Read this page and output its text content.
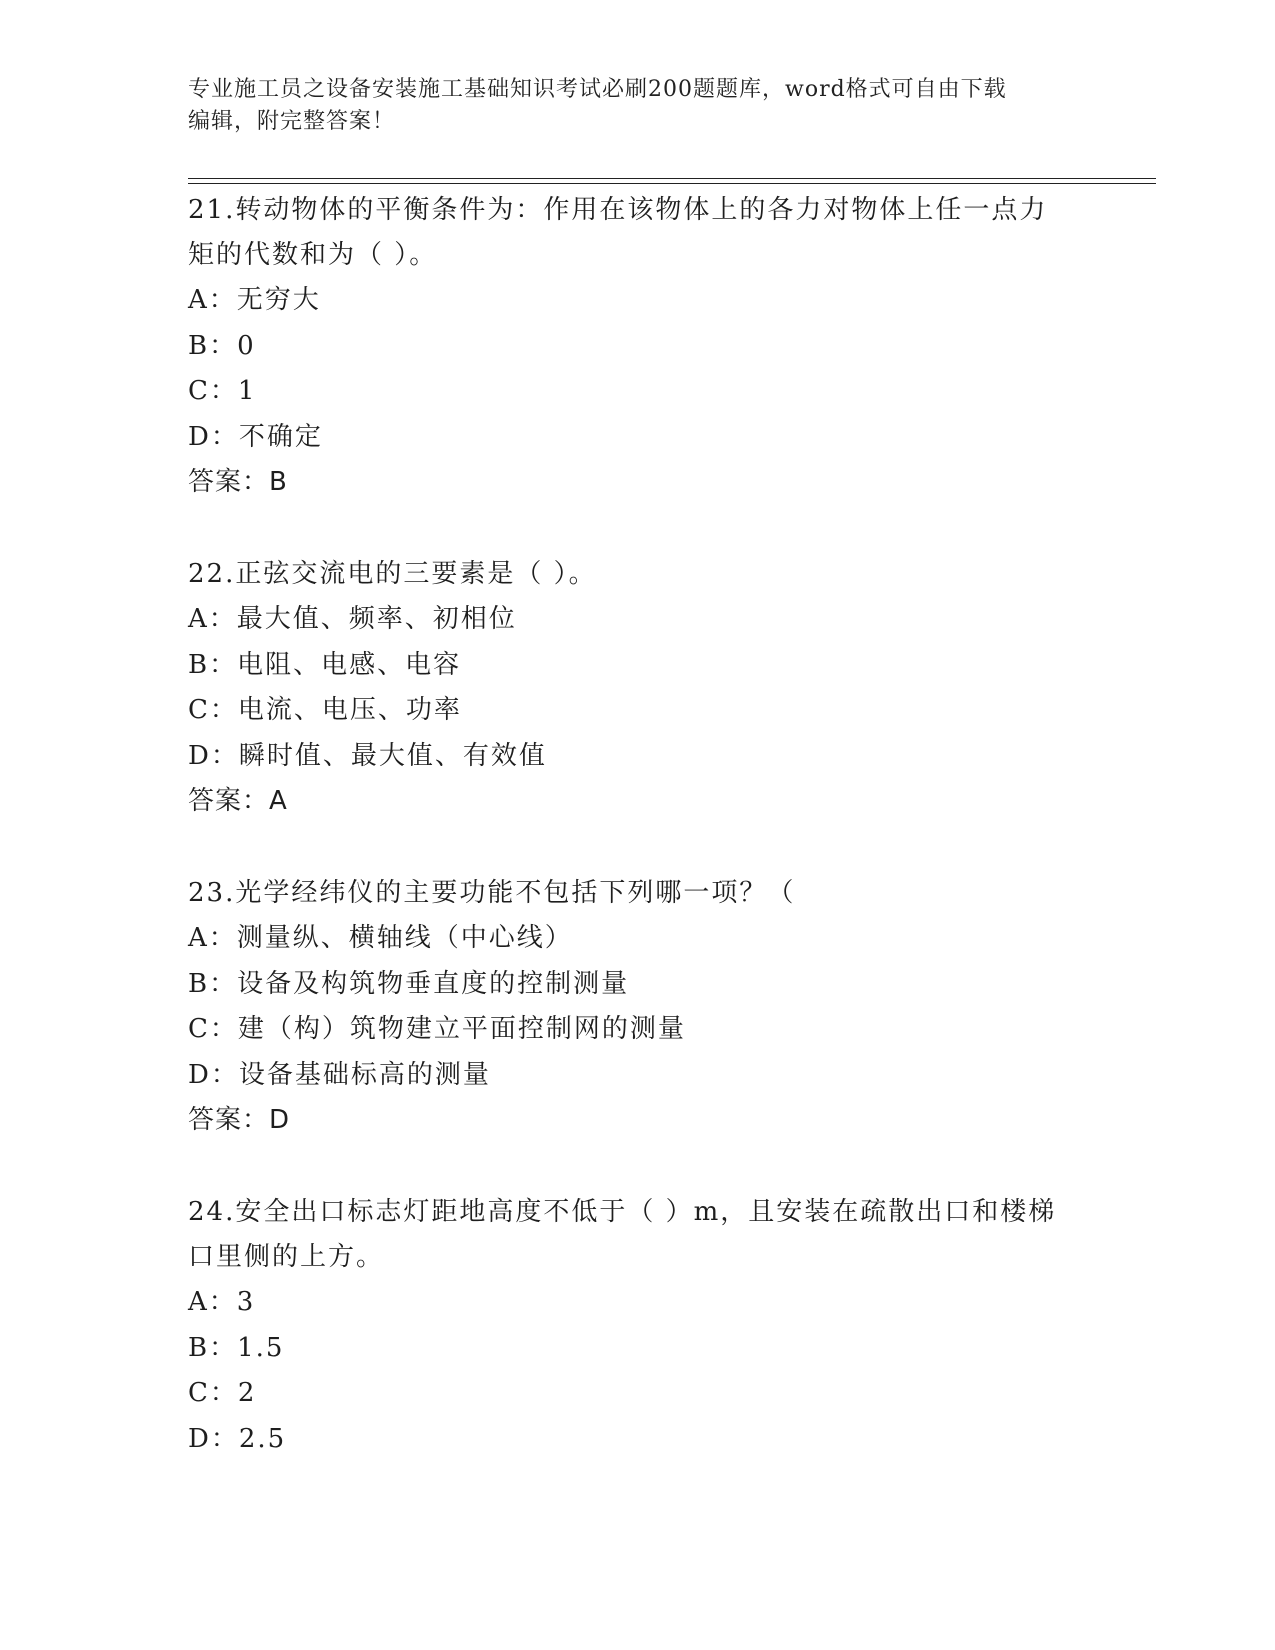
专业施工员之设备安装施工基础知识考试必刷200题题库，word格式可自由下载
编辑，附完整答案！

21.转动物体的平衡条件为：作用在该物体上的各力对物体上任一点力

矩的代数和为（ ）。

A：无穷大

B：0

C：1

D：不确定

答案：B

22.正弦交流电的三要素是（ ）。

A：最大值、频率、初相位

B：电阻、电感、电容

C：电流、电压、功率

D：瞬时值、最大值、有效值

答案：A

23.光学经纬仪的主要功能不包括下列哪一项？（

A：测量纵、横轴线（中心线）

B：设备及构筑物垂直度的控制测量

C：建（构）筑物建立平面控制网的测量

D：设备基础标高的测量

答案：D

24.安全出口标志灯距地高度不低于（ ）m，且安装在疏散出口和楼梯

口里侧的上方。

A：3

B：1.5

C：2

D：2.5
